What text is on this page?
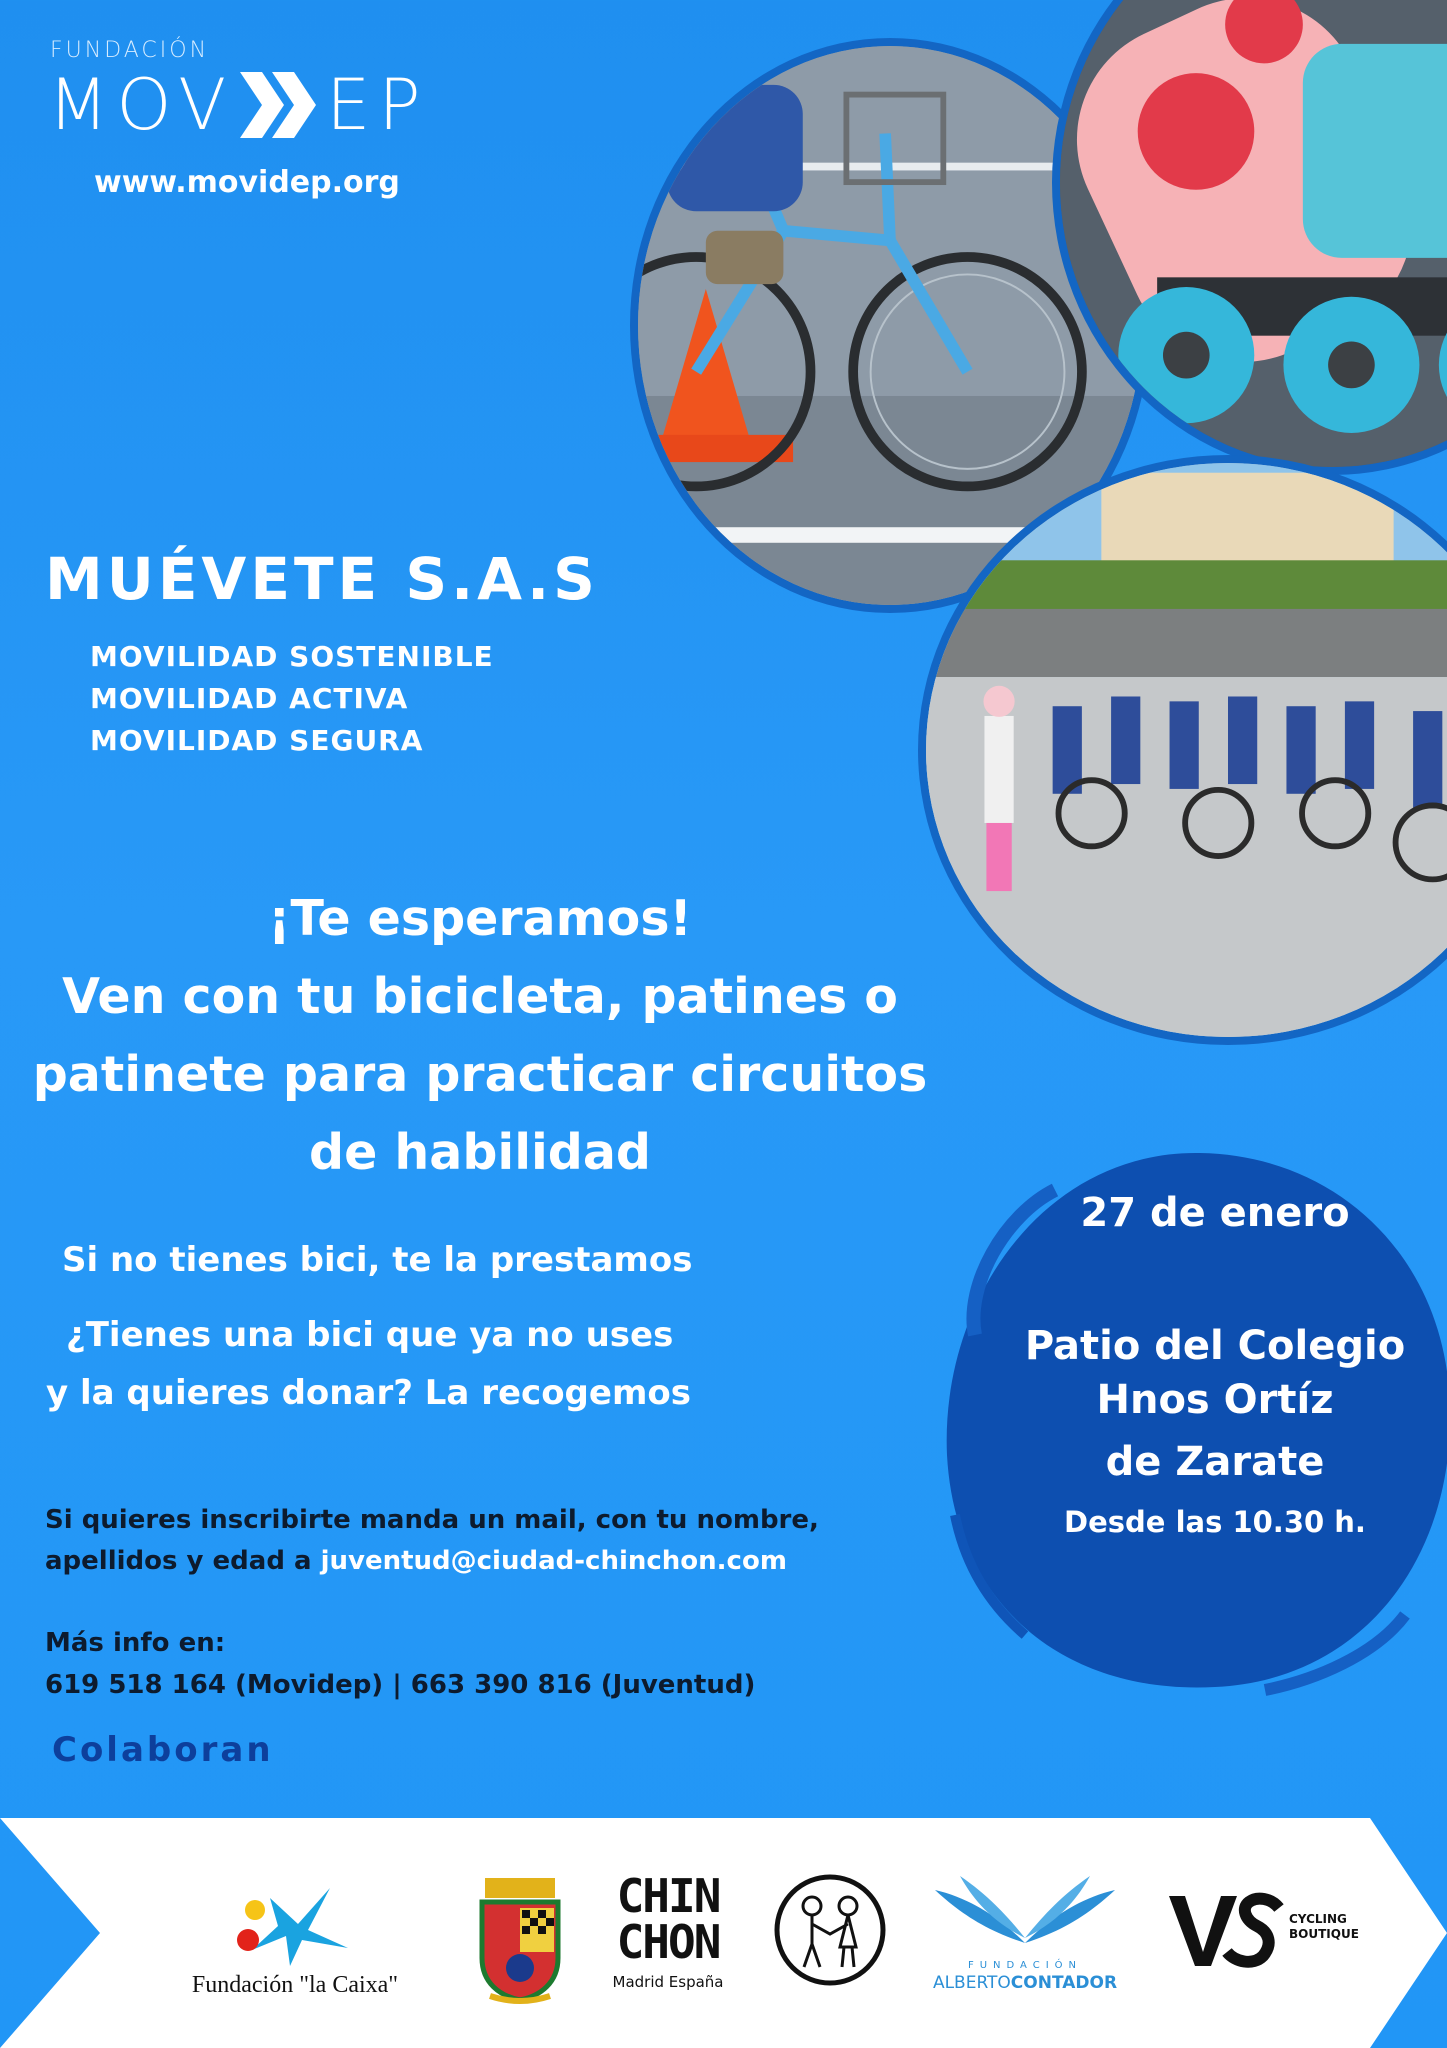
FUNDACIÓN
MOV EP
www.movidep.org
MUÉVETE S.A.S
MOVILIDAD SOSTENIBLE
MOVILIDAD ACTIVA
MOVILIDAD SEGURA
¡Te esperamos!
Ven con tu bicicleta, patines o
patinete para practicar circuitos
de habilidad
Si no tienes bici, te la prestamos
¿Tienes una bici que ya no uses
y la quieres donar? La recogemos
Si quieres inscribirte manda un mail, con tu nombre,
apellidos y edad a juventud@ciudad-chinchon.com
Más info en:
619 518 164 (Movidep) | 663 390 816 (Juventud)
Colaboran
27 de enero
Patio del Colegio
Hnos Ortíz
de Zarate
Desde las 10.30 h.
Fundación "la Caixa"
CHIN
CHON
Madrid España
FUNDACIÓN
ALBERTOCONTADOR
CYCLING
BOUTIQUE
